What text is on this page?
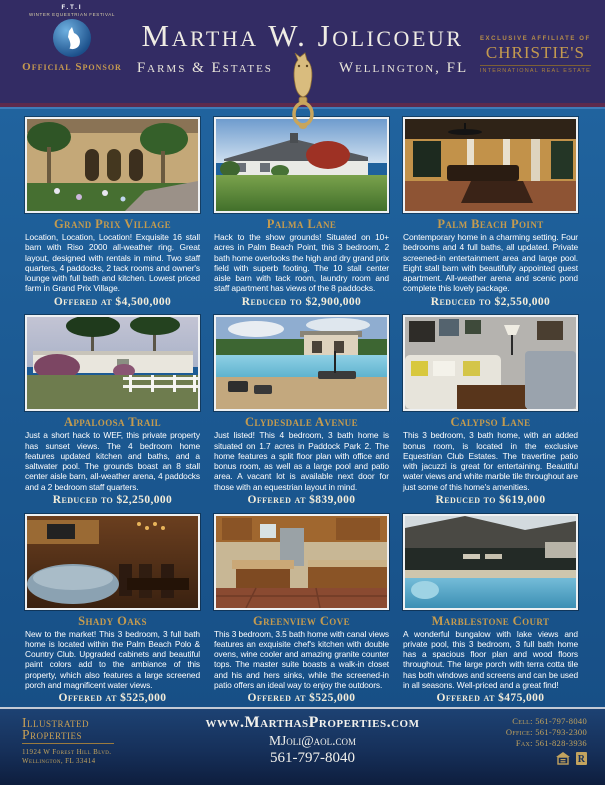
F.T.I
WINTER EQUESTRIAN FESTIVAL
Official Sponsor
Martha W. Jolicoeur
Farms & Estates	Wellington, FL
EXCLUSIVE AFFILIATE OF
CHRISTIE'S
INTERNATIONAL REAL ESTATE
Grand Prix Village
Location, Location, Location! Exquisite 16 stall barn with Riso 2000 all-weather ring. Great layout, designed with rentals in mind. Two staff quarters, 4 paddocks, 2 tack rooms and owner's lounge with full bath and kitchen. Lowest priced farm in Grand Prix Village.
Offered at $4,500,000
Palma Lane
Hack to the show grounds! Situated on 10+ acres in Palm Beach Point, this 3 bedroom, 2 bath home overlooks the high and dry grand prix field with superb footing. The 10 stall center aisle barn with tack room, laundry room and staff apartment has views of the 8 paddocks.
Reduced to $2,900,000
Palm Beach Point
Contemporary home in a charming setting. Four bedrooms and 4 full baths, all updated. Private screened-in entertainment area and large pool. Eight stall barn with beautifully appointed guest apartment. All-weather arena and scenic pond complete this lovely package.
Reduced to $2,550,000
Appaloosa Trail
Just a short hack to WEF, this private property has sunset views. The 4 bedroom home features updated kitchen and baths, and a saltwater pool. The grounds boast an 8 stall center aisle barn, all-weather arena, 4 paddocks and a 2 bedroom staff quarters.
Reduced to $2,250,000
Clydesdale Avenue
Just listed! This 4 bedroom, 3 bath home is situated on 1.7 acres in Paddock Park 2. The home features a split floor plan with office and bonus room, as well as a large pool and patio area. A vacant lot is available next door for those with an equestrian layout in mind.
Offered at $839,000
Calypso Lane
This 3 bedroom, 3 bath home, with an added bonus room, is located in the exclusive Equestrian Club Estates. The travertine patio with jacuzzi is great for entertaining. Beautiful water views and white marble tile throughout are just some of this home's amenities.
Reduced to $619,000
Shady Oaks
New to the market! This 3 bedroom, 3 full bath home is located within the Palm Beach Polo & Country Club. Upgraded cabinets and beautiful paint colors add to the ambiance of this property, which also features a large screened porch and magnificent water views.
Offered at $525,000
Greenview Cove
This 3 bedroom, 3.5 bath home with canal views features an exquisite chef's kitchen with double ovens, wine cooler and amazing granite counter tops. The master suite boasts a walk-in closet and his and hers sinks, while the screened-in patio offers an ideal way to enjoy the outdoors.
Offered at $525,000
Marblestone Court
A wonderful bungalow with lake views and private pool, this 3 bedroom, 3 full bath home has a spacious floor plan and wood floors throughout. The large porch with terra cotta tile has both windows and screens and can be used in all seasons. Well-priced and a great find!
Offered at $475,000
Illustrated
Properties
11924 W Forest Hill Blvd.
Wellington, FL 33414
www.MarthasProperties.com
MJoli@aol.com
561-797-8040
Cell: 561-797-8040
Office: 561-793-2300
Fax: 561-828-3936
R
